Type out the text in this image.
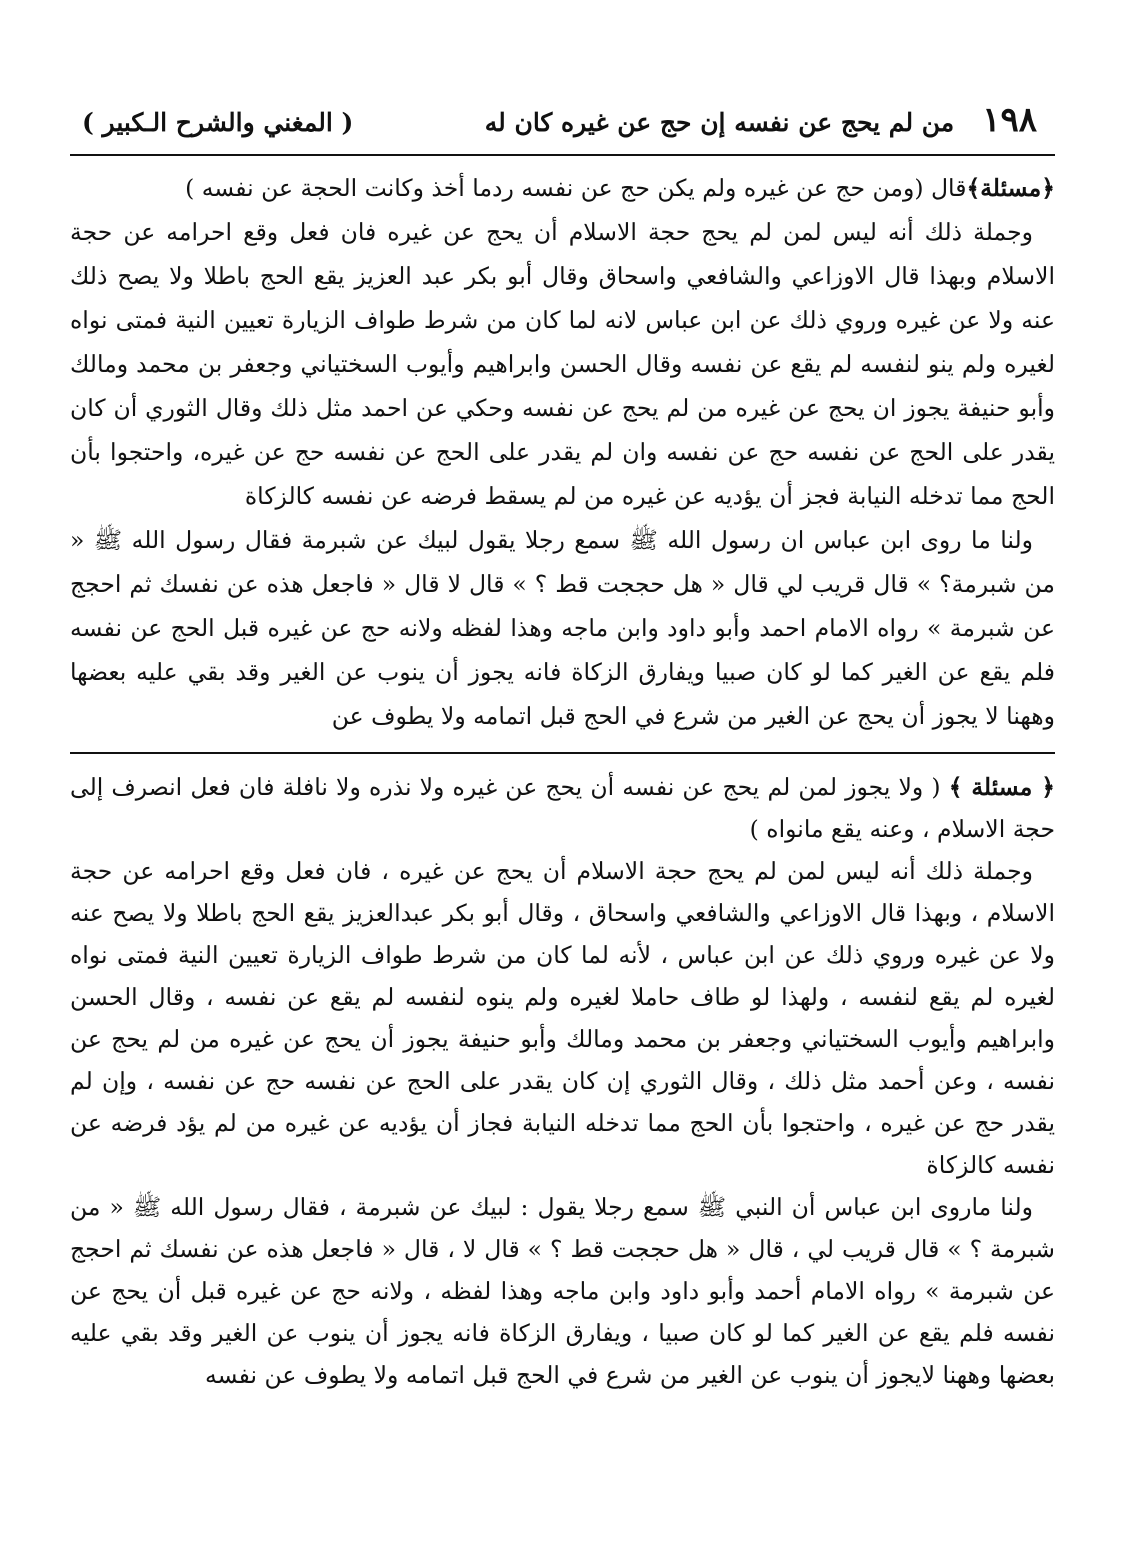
١٩٨
من لم يحج عن نفسه إن حج عن غيره كان له
( المغني والشرح الـكبير )

﴿مسئلة﴾قال (ومن حج عن غيره ولم يكن حج عن نفسه ردما أخذ وكانت الحجة عن نفسه )

وجملة ذلك أنه ليس لمن لم يحج حجة الاسلام أن يحج عن غيره فان فعل وقع احرامه عن حجة الاسلام وبهذا قال الاوزاعي والشافعي واسحاق وقال أبو بكر عبد العزيز يقع الحج باطلا ولا يصح ذلك عنه ولا عن غيره وروي ذلك عن ابن عباس لانه لما كان من شرط طواف الزيارة تعيين النية فمتى نواه لغيره ولم ينو لنفسه لم يقع عن نفسه وقال الحسن وابراهيم وأيوب السختياني وجعفر بن محمد ومالك وأبو حنيفة يجوز ان يحج عن غيره من لم يحج عن نفسه وحكي عن احمد مثل ذلك وقال الثوري أن كان يقدر على الحج عن نفسه حج عن نفسه وان لم يقدر على الحج عن نفسه حج عن غيره، واحتجوا بأن الحج مما تدخله النيابة فجز أن يؤديه عن غيره من لم يسقط فرضه عن نفسه كالزكاة

ولنا ما روى ابن عباس ان رسول الله ﷺ سمع رجلا يقول لبيك عن شبرمة فقال رسول الله ﷺ « من شبرمة؟ » قال قريب لي قال « هل حججت قط ؟ » قال لا قال « فاجعل هذه عن نفسك ثم احجج عن شبرمة » رواه الامام احمد وأبو داود وابن ماجه وهذا لفظه ولانه حج عن غيره قبل الحج عن نفسه فلم يقع عن الغير كما لو كان صبيا ويفارق الزكاة فانه يجوز أن ينوب عن الغير وقد بقي عليه بعضها وههنا لا يجوز أن يحج عن الغير من شرع في الحج قبل اتمامه ولا يطوف عن

﴿ مسئلة ﴾ ( ولا يجوز لمن لم يحج عن نفسه أن يحج عن غيره ولا نذره ولا نافلة فان فعل انصرف إلى حجة الاسلام ، وعنه يقع مانواه )

وجملة ذلك أنه ليس لمن لم يحج حجة الاسلام أن يحج عن غيره ، فان فعل وقع احرامه عن حجة الاسلام ، وبهذا قال الاوزاعي والشافعي واسحاق ، وقال أبو بكر عبدالعزيز يقع الحج باطلا ولا يصح عنه ولا عن غيره وروي ذلك عن ابن عباس ، لأنه لما كان من شرط طواف الزيارة تعيين النية فمتى نواه لغيره لم يقع لنفسه ، ولهذا لو طاف حاملا لغيره ولم ينوه لنفسه لم يقع عن نفسه ، وقال الحسن وابراهيم وأيوب السختياني وجعفر بن محمد ومالك وأبو حنيفة يجوز أن يحج عن غيره من لم يحج عن نفسه ، وعن أحمد مثل ذلك ، وقال الثوري إن كان يقدر على الحج عن نفسه حج عن نفسه ، وإن لم يقدر حج عن غيره ، واحتجوا بأن الحج مما تدخله النيابة فجاز أن يؤديه عن غيره من لم يؤد فرضه عن نفسه كالزكاة

ولنا ماروى ابن عباس أن النبي ﷺ سمع رجلا يقول : لبيك عن شبرمة ، فقال رسول الله ﷺ « من شبرمة ؟ » قال قريب لي ، قال « هل حججت قط ؟ » قال لا ، قال « فاجعل هذه عن نفسك ثم احجج عن شبرمة » رواه الامام أحمد وأبو داود وابن ماجه وهذا لفظه ، ولانه حج عن غيره قبل أن يحج عن نفسه فلم يقع عن الغير كما لو كان صبيا ، ويفارق الزكاة فانه يجوز أن ينوب عن الغير وقد بقي عليه بعضها وههنا لايجوز أن ينوب عن الغير من شرع في الحج قبل اتمامه ولا يطوف عن نفسه
